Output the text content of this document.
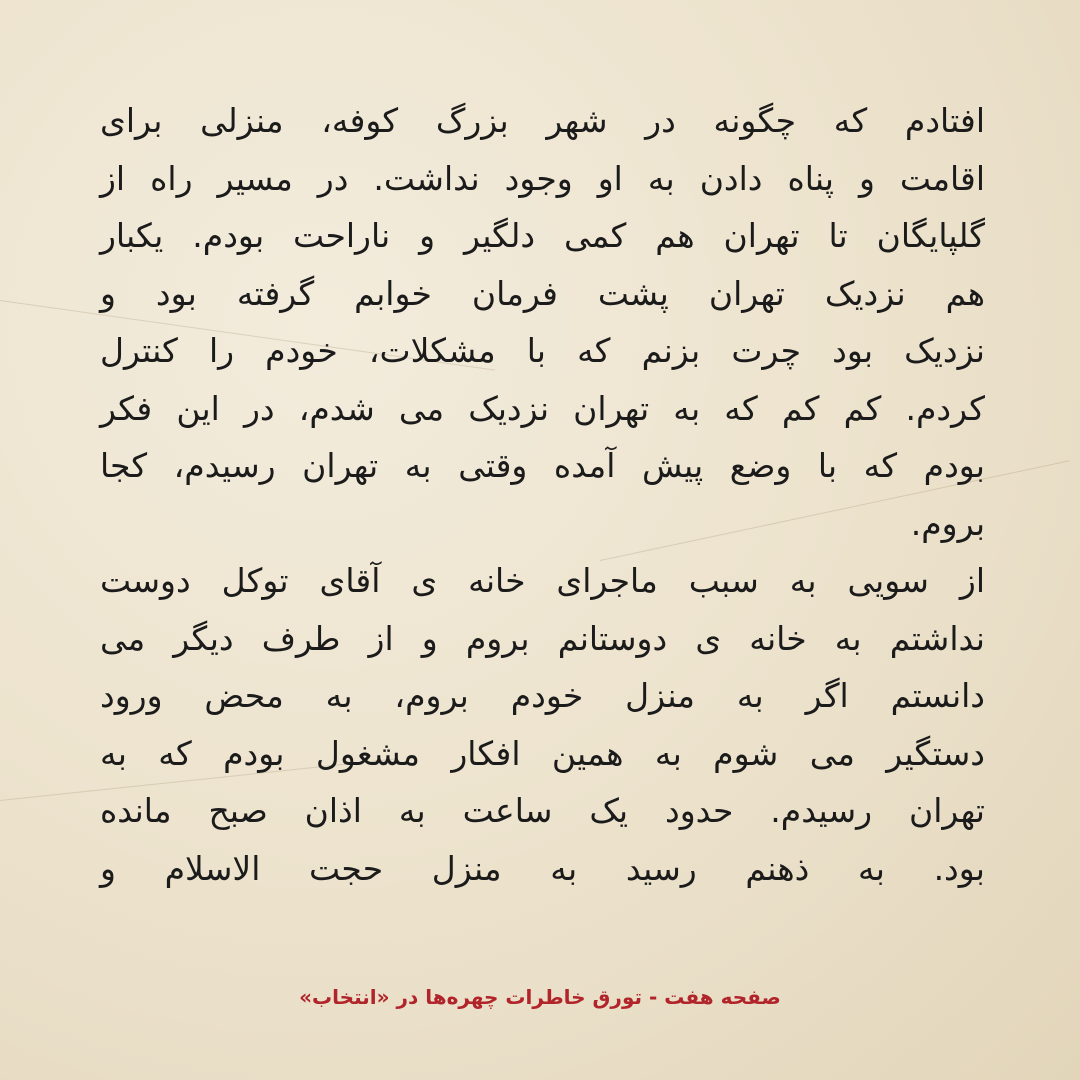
افتادم که چگونه در شهر بزرگ کوفه، منزلی برای
اقامت و پناه دادن به او وجود نداشت. در مسیر راه از
گلپایگان تا تهران هم کمی دلگیر و ناراحت بودم. یکبار
هم نزدیک تهران پشت فرمان خوابم گرفته بود و
نزدیک بود چرت بزنم که با مشکلات، خودم را کنترل
کردم. کم کم که به تهران نزدیک می شدم، در این فکر
بودم که با وضع پیش آمده وقتی به تهران رسیدم، کجا
بروم.
از سویی به سبب ماجرای خانه ی آقای توکل دوست
نداشتم به خانه ی دوستانم بروم و از طرف دیگر می
دانستم اگر به منزل خودم بروم، به محض ورود
دستگیر می شوم به همین افکار مشغول بودم که به
تهران رسیدم. حدود یک ساعت به اذان صبح مانده
بود. به ذهنم رسید به منزل حجت الاسلام و
صفحه هفت - تورق خاطرات چهره‌ها در «انتخاب»
